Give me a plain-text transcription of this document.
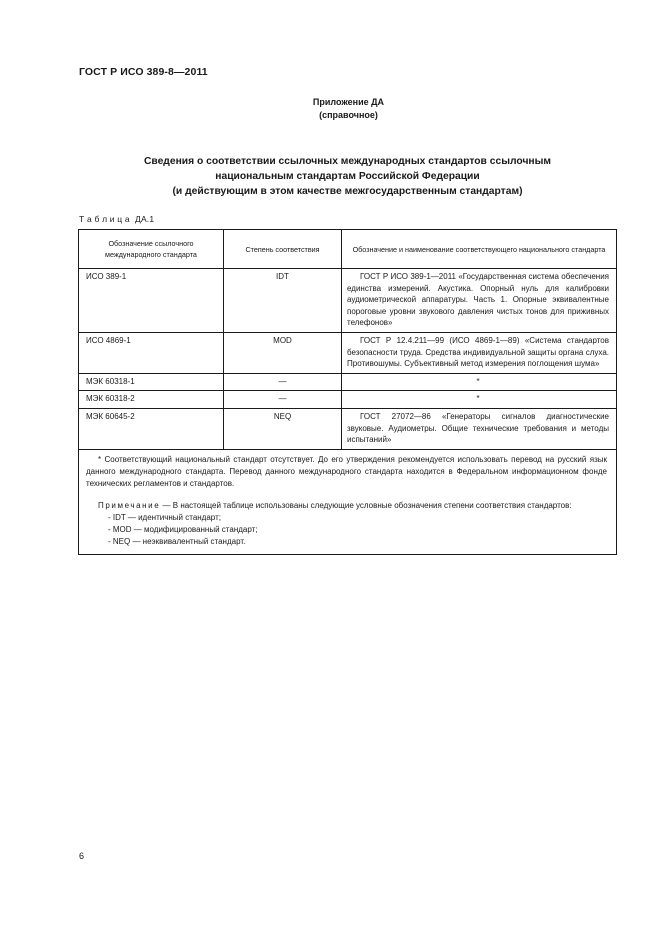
ГОСТ Р ИСО 389-8—2011
Приложение ДА
(справочное)
Сведения о соответствии ссылочных международных стандартов ссылочным
национальным стандартам Российской Федерации
(и действующим в этом качестве межгосударственным стандартам)
Т а б л и ц а  ДА.1
Обозначение ссылочного международного стандарта	Степень соответствия	Обозначение и наименование соответствующего национального стандарта
ИСО 389-1	IDT	ГОСТ Р ИСО 389-1—2011 «Государственная система обеспечения единства измерений. Акустика. Опорный нуль для калибровки аудиометрической аппаратуры. Часть 1. Опорные эквивалентные пороговые уровни звукового давления чистых тонов для приживных телефонов»
ИСО 4869-1	MOD	ГОСТ Р 12.4.211—99 (ИСО 4869-1—89) «Система стандартов безопасности труда. Средства индивидуальной защиты органа слуха. Противошумы. Субъективный метод измерения поглощения шума»
МЭК 60318-1	—	*
МЭК 60318-2	—	*
МЭК 60645-2	NEQ	ГОСТ 27072—86 «Генераторы сигналов диагностические звуковые. Аудиометры. Общие технические требования и методы испытаний»

* Соответствующий национальный стандарт отсутствует. До его утверждения рекомендуется использовать перевод на русский язык данного международного стандарта. Перевод данного международного стандарта находится в Федеральном информационном фонде технических регламентов и стандартов.

Примечание — В настоящей таблице использованы следующие условные обозначения степени соответствия стандартов:

- IDT — идентичный стандарт;

- MOD — модифицированный стандарт;

- NEQ — неэквивалентный стандарт.		

6
